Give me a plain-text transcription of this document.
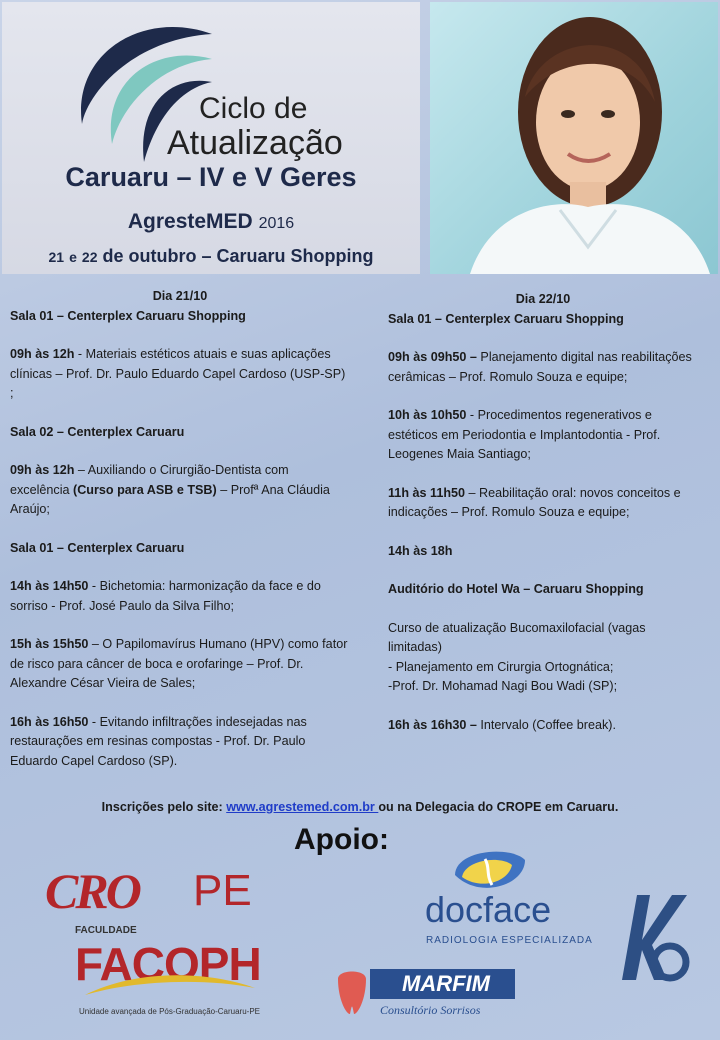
Ciclo de
Atualização
Caruaru – IV e V Geres
AgresteMED 2016
21 e 22 de outubro – Caruaru Shopping

Dia 21/10

Sala 01 – Centerplex Caruaru Shopping

09h às 12h - Materiais estéticos atuais e suas aplicações clínicas – Prof. Dr. Paulo Eduardo Capel Cardoso (USP-SP) ;

Sala 02 – Centerplex Caruaru

09h às 12h – Auxiliando o Cirurgião-Dentista com excelência (Curso para ASB e TSB) – Profª Ana Cláudia Araújo;

Sala 01 – Centerplex Caruaru

14h às 14h50 - Bichetomia: harmonização da face e do sorriso - Prof. José Paulo da Silva Filho;

15h às 15h50 – O Papilomavírus Humano (HPV) como fator de risco para câncer de boca e orofaringe – Prof. Dr. Alexandre César Vieira de Sales;

16h às 16h50 - Evitando infiltrações indesejadas nas restaurações em resinas compostas - Prof. Dr. Paulo Eduardo Capel Cardoso (SP).

Dia 22/10

Sala 01 – Centerplex Caruaru Shopping

09h às 09h50 – Planejamento digital nas reabilitações cerâmicas – Prof. Romulo Souza e equipe;

10h às 10h50 - Procedimentos regenerativos e estéticos em Periodontia e Implantodontia - Prof. Leogenes Maia Santiago;

11h às 11h50 – Reabilitação oral: novos conceitos e indicações – Prof. Romulo Souza e equipe;

14h às 18h

Auditório do Hotel Wa – Caruaru Shopping

Curso de atualização Bucomaxilofacial (vagas limitadas)
- Planejamento em Cirurgia Ortognática;
-Prof. Dr. Mohamad Nagi Bou Wadi (SP);

16h às 16h30 – Intervalo (Coffee break).

Inscrições pelo site: www.agrestemed.com.br ou na Delegacia do CROPE em Caruaru.
Apoio:
CRO PE
FACULDADE
FACOPH
Unidade avançada de Pós-Graduação-Caruaru-PE
docface
RADIOLOGIA ESPECIALIZADA
MARFIM
Consultório Sorrisos
